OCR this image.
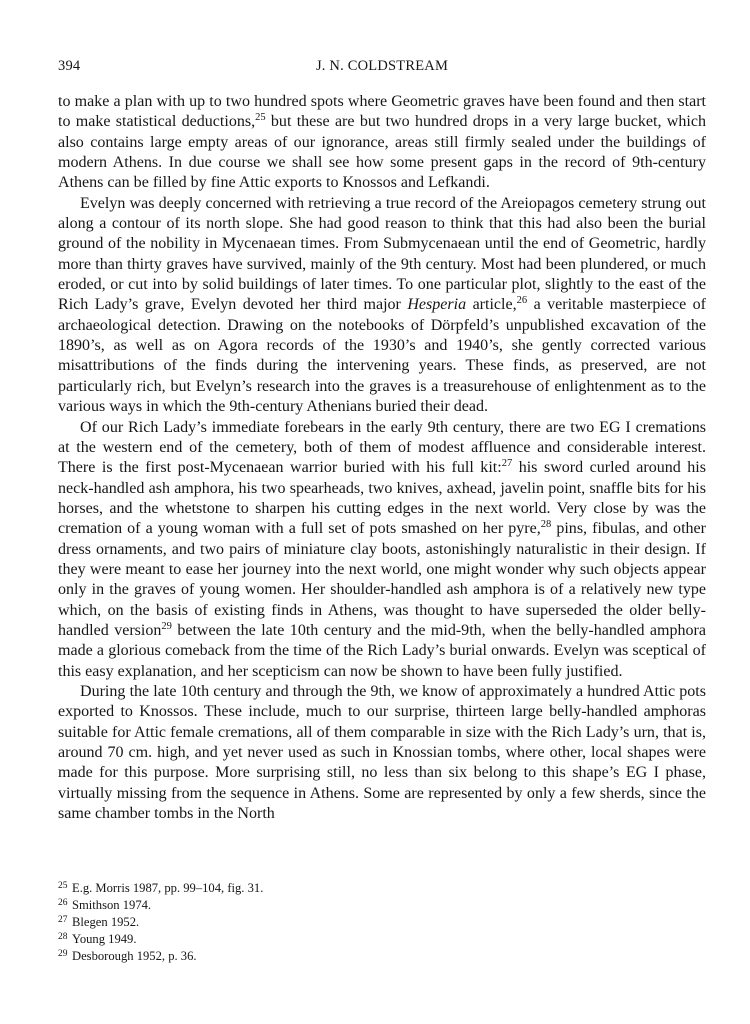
394	J. N. COLDSTREAM

to make a plan with up to two hundred spots where Geometric graves have been found and then start to make statistical deductions,$^{25}$ but these are but two hundred drops in a very large bucket, which also contains large empty areas of our ignorance, areas still firmly sealed under the buildings of modern Athens. In due course we shall see how some present gaps in the record of 9th-century Athens can be filled by fine Attic exports to Knossos and Lefkandi.

Evelyn was deeply concerned with retrieving a true record of the Areiopagos cemetery strung out along a contour of its north slope. She had good reason to think that this had also been the burial ground of the nobility in Mycenaean times. From Submycenaean until the end of Geometric, hardly more than thirty graves have survived, mainly of the 9th century. Most had been plundered, or much eroded, or cut into by solid buildings of later times. To one particular plot, slightly to the east of the Rich Lady’s grave, Evelyn devoted her third major Hesperia article,$^{26}$ a veritable masterpiece of archaeological detection. Drawing on the notebooks of Dörpfeld’s unpublished excavation of the 1890’s, as well as on Agora records of the 1930’s and 1940’s, she gently corrected various misattributions of the finds during the intervening years. These finds, as preserved, are not particularly rich, but Evelyn’s research into the graves is a treasurehouse of enlightenment as to the various ways in which the 9th-century Athenians buried their dead.

Of our Rich Lady’s immediate forebears in the early 9th century, there are two EG I cremations at the western end of the cemetery, both of them of modest affluence and considerable interest. There is the first post-Mycenaean warrior buried with his full kit:$^{27}$ his sword curled around his neck-handled ash amphora, his two spearheads, two knives, axhead, javelin point, snaffle bits for his horses, and the whetstone to sharpen his cutting edges in the next world. Very close by was the cremation of a young woman with a full set of pots smashed on her pyre,$^{28}$ pins, fibulas, and other dress ornaments, and two pairs of miniature clay boots, astonishingly naturalistic in their design. If they were meant to ease her journey into the next world, one might wonder why such objects appear only in the graves of young women. Her shoulder-handled ash amphora is of a relatively new type which, on the basis of existing finds in Athens, was thought to have superseded the older belly-handled version$^{29}$ between the late 10th century and the mid-9th, when the belly-handled amphora made a glorious comeback from the time of the Rich Lady’s burial onwards. Evelyn was sceptical of this easy explanation, and her scepticism can now be shown to have been fully justified.

During the late 10th century and through the 9th, we know of approximately a hundred Attic pots exported to Knossos. These include, much to our surprise, thirteen large belly-handled amphoras suitable for Attic female cremations, all of them comparable in size with the Rich Lady’s urn, that is, around 70 cm. high, and yet never used as such in Knossian tombs, where other, local shapes were made for this purpose. More surprising still, no less than six belong to this shape’s EG I phase, virtually missing from the sequence in Athens. Some are represented by only a few sherds, since the same chamber tombs in the North

25 E.g. Morris 1987, pp. 99–104, fig. 31.
26 Smithson 1974.
27 Blegen 1952.
28 Young 1949.
29 Desborough 1952, p. 36.
